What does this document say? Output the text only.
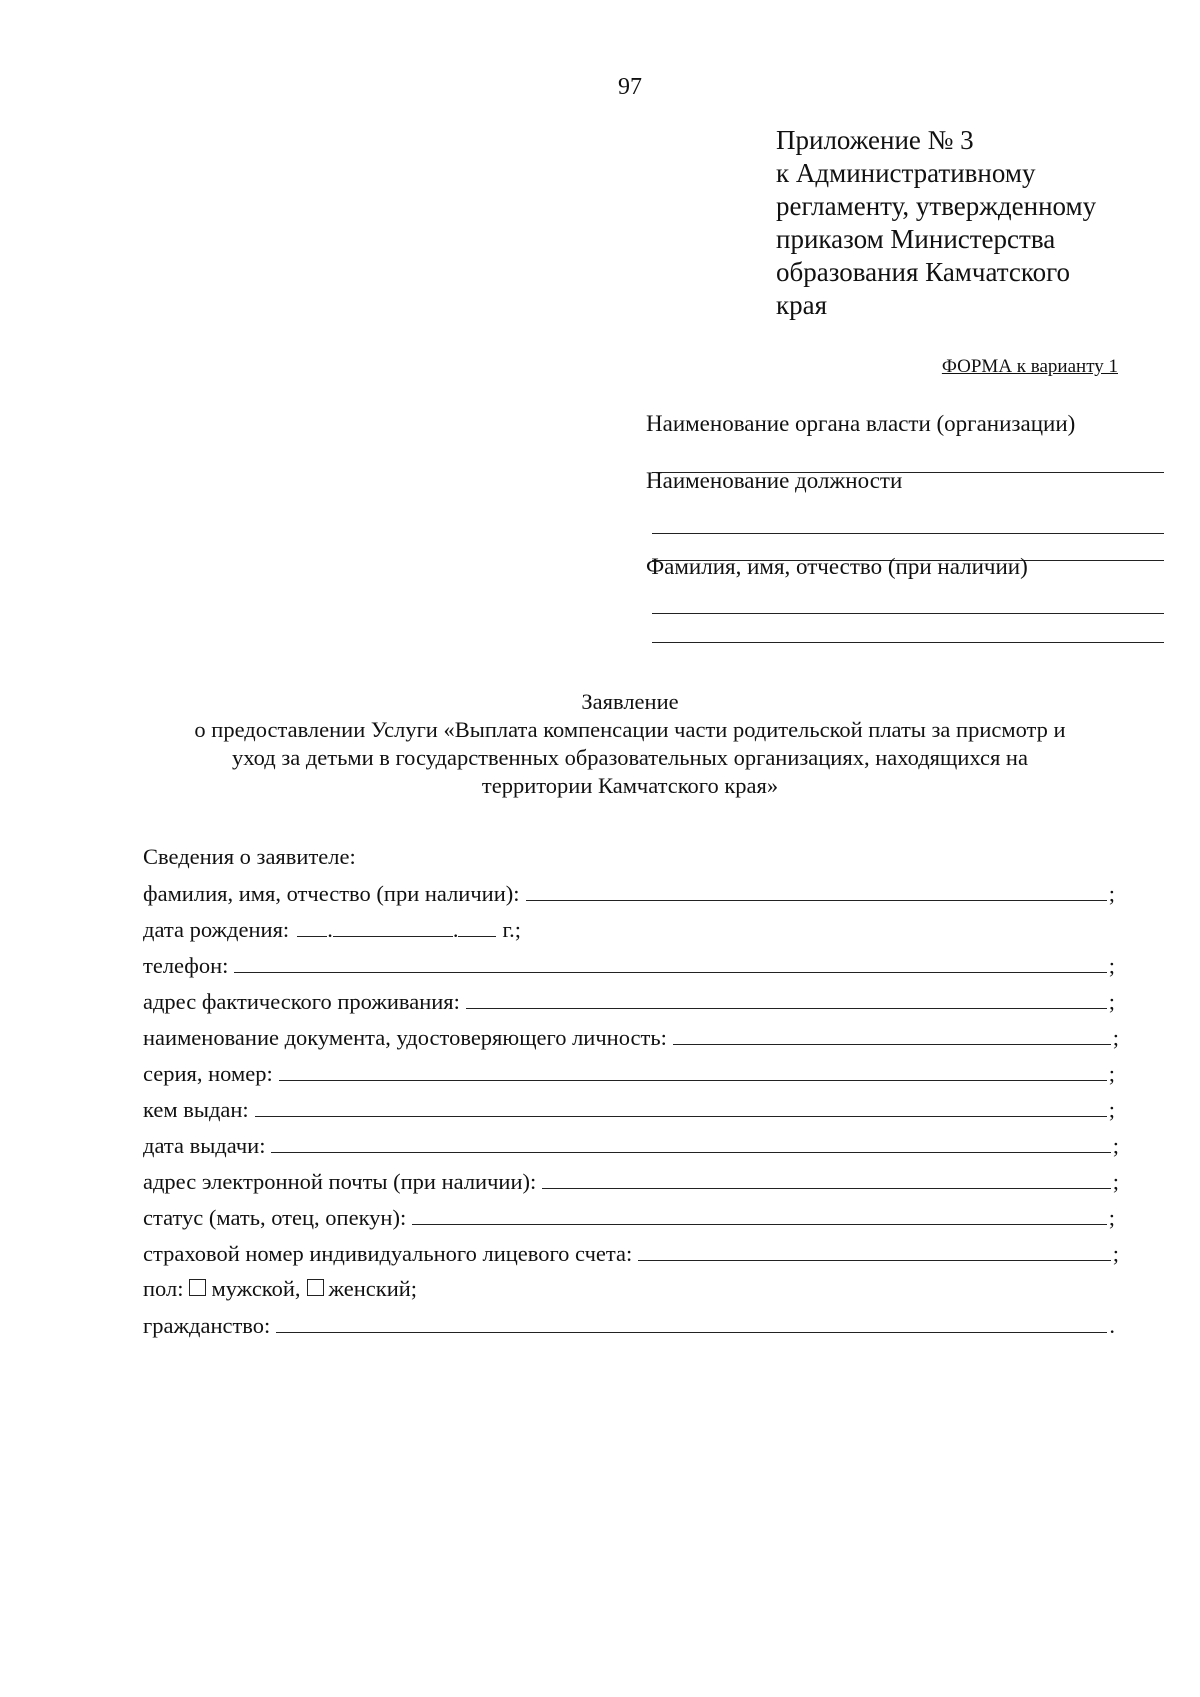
97
Приложение № 3
к Административному
регламенту, утвержденному
приказом Министерства
образования Камчатского
края
ФОРМА к варианту 1
Наименование органа власти (организации)
Наименование должности
Фамилия, имя, отчество (при наличии)
Заявление
о предоставлении Услуги «Выплата компенсации части родительской платы за присмотр и
уход за детьми в государственных образовательных организациях, находящихся на
территории Камчатского края»
Сведения о заявителе:
фамилия, имя, отчество (при наличии):	;
дата рождения: .	. г.;
телефон:	;
адрес фактического проживания:	;
наименование документа, удостоверяющего личность:	;
серия, номер:	;
кем выдан:	;
дата выдачи:	;
адрес электронной почты (при наличии):	;
статус (мать, отец, опекун):	;
страховой номер индивидуального лицевого счета:	;
пол: мужской, женский;
гражданство:	.
